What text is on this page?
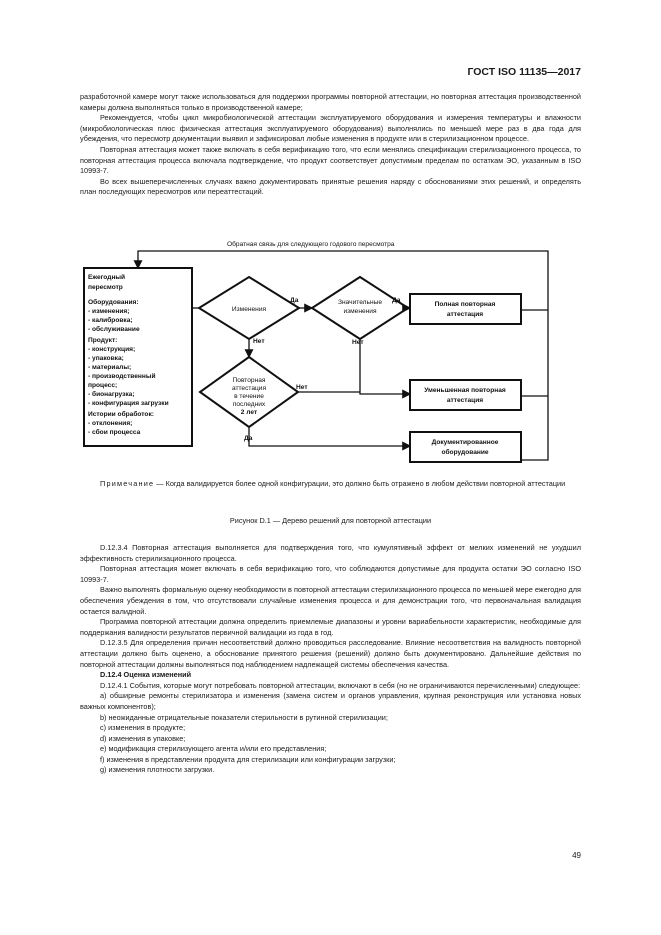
ГОСТ ISO 11135—2017

разработочной камере могут также использоваться для поддержки программы повторной аттестации, но повторная аттестация производственной камеры должна выполняться только в производственной камере;

Рекомендуется, чтобы цикл микробиологической аттестации эксплуатируемого оборудования и измерения температуры и влажности (микробиологическая плюс физическая аттестация эксплуатируемого оборудования) выполнялись по меньшей мере раз в два года для убеждения, что пересмотр документации выявил и зафиксировал любые изменения в продукте или в стерилизационном процессе.

Повторная аттестация может также включать в себя верификацию того, что если менялись спецификации стерилизационного процесса, то повторная аттестация процесса включала подтверждение, что продукт соответствует допустимым пределам по остаткам ЭО, указанным в ISO 10993-7.

Во всех вышеперечисленных случаях важно документировать принятые решения наряду с обоснованиями этих решений, и определять план последующих пересмотров или переаттестаций.

Обратная связь для следующего годового пересмотра
Ежегодный
пересмотр
Оборудования:
- изменения;
- калибровка;
- обслуживание
Продукт:
- конструкция;
- упаковка;
- материалы;
- производственный
процесс;
- бионагрузка;
- конфигурация загрузки
Истории обработок:
- отклонения;
- сбои процесса
Изменения
Да	Значительные
изменения
Да
Полная повторная
аттестация
Нет	Нет
Повторная
аттестация
в течение
последних
2 лет
Нет	Уменьшенная повторная
аттестация
Да
Документированное
оборудование

Примечание — Когда валидируется более одной конфигурации, это должно быть отражено в любом действии повторной аттестации

Рисунок D.1 — Дерево решений для повторной аттестации

D.12.3.4 Повторная аттестация выполняется для подтверждения того, что кумулятивный эффект от мелких изменений не ухудшил эффективность стерилизационного процесса.

Повторная аттестация может включать в себя верификацию того, что соблюдаются допустимые для продукта остатки ЭО согласно ISO 10993-7.

Важно выполнять формальную оценку необходимости в повторной аттестации стерилизационного процесса по меньшей мере ежегодно для обеспечения убеждения в том, что отсутствовали случайные изменения процесса и для демонстрации того, что первоначальная валидация остается валидной.

Программа повторной аттестации должна определить приемлемые диапазоны и уровни вариабельности характеристик, необходимые для поддержания валидности результатов первичной валидации из года в год.

D.12.3.5 Для определения причин несоответствий должно проводиться расследование. Влияние несоответствия на валидность повторной аттестации должно быть оценено, а обоснование принятого решения (решений) должно быть документировано. Дальнейшие действия по повторной аттестации должны выполняться под наблюдением надлежащей системы обеспечения качества.

D.12.4 Оценка изменений

D.12.4.1 События, которые могут потребовать повторной аттестации, включают в себя (но не ограничиваются перечисленными) следующее:

a) обширные ремонты стерилизатора и изменения (замена систем и органов управления, крупная реконструкция или установка новых важных компонентов);

b) неожиданные отрицательные показатели стерильности в рутинной стерилизации;

c) изменения в продукте;

d) изменения в упаковке;

e) модификация стерилизующего агента и/или его представления;

f) изменения в представлении продукта для стерилизации или конфигурации загрузки;

g) изменения плотности загрузки.

49
